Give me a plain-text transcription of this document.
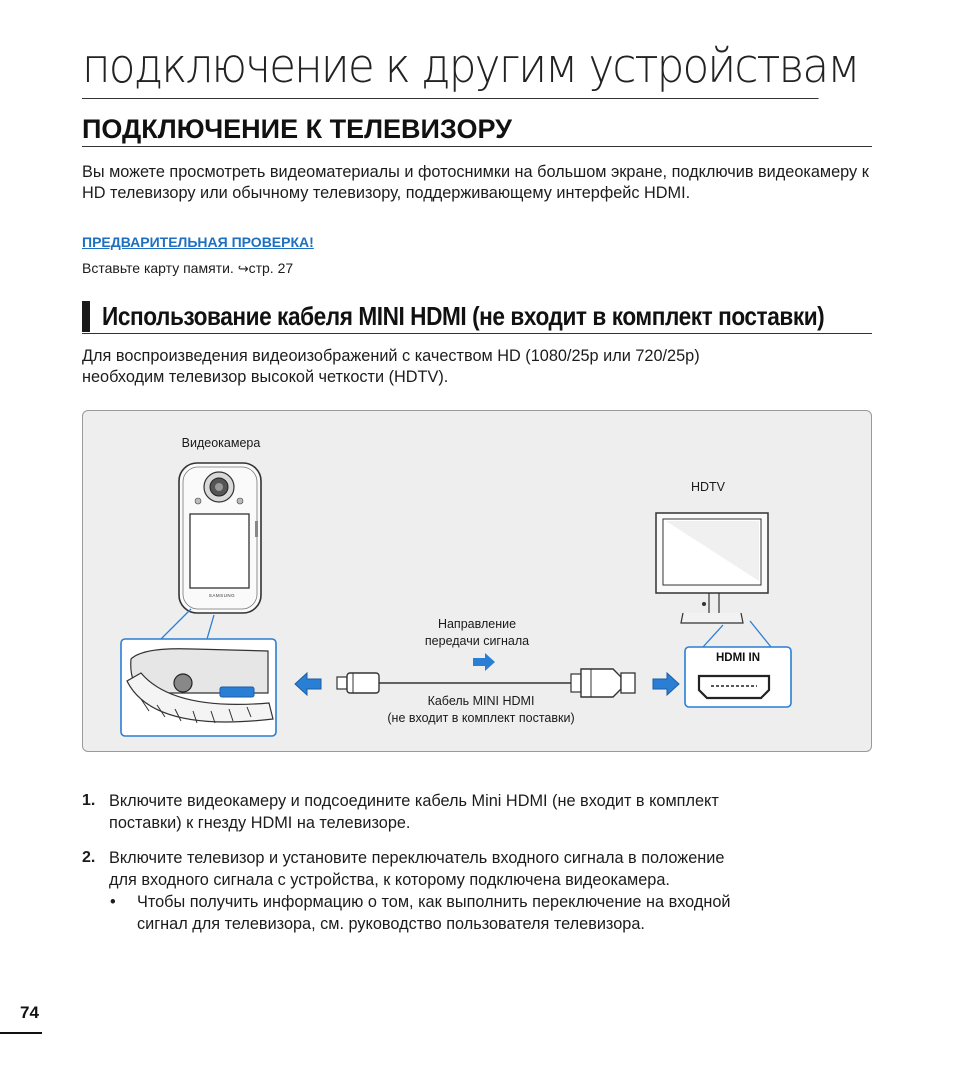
подключение к другим устройствам
ПОДКЛЮЧЕНИЕ К ТЕЛЕВИЗОРУ
Вы можете просмотреть видеоматериалы и фотоснимки на большом экране, подключив видеокамеру к HD телевизору или обычному телевизору, поддерживающему интерфейс HDMI.
ПРЕДВАРИТЕЛЬНАЯ ПРОВЕРКА!
Вставьте карту памяти. ↪стр. 27
Использование кабеля MINI HDMI (не входит в комплект поставки)
Для воспроизведения видеоизображений с качеством HD (1080/25p или 720/25p)
необходим телевизор высокой четкости (HDTV).
Видеокамера
HDTV
SAMSUNG
Направление
передачи сигнала
Кабель MINI HDMI
(не входит в комплект поставки)
HDMI IN
1. Включите видеокамеру и подсоедините кабель Mini HDMI (не входит в комплект
поставки) к гнезду HDMI на телевизоре.
2. Включите телевизор и установите переключатель входного сигнала в положение
для входного сигнала с устройства, к которому подключена видеокамера.
•	Чтобы получить информацию о том, как выполнить переключение на входной
сигнал для телевизора, см. руководство пользователя телевизора.
74
